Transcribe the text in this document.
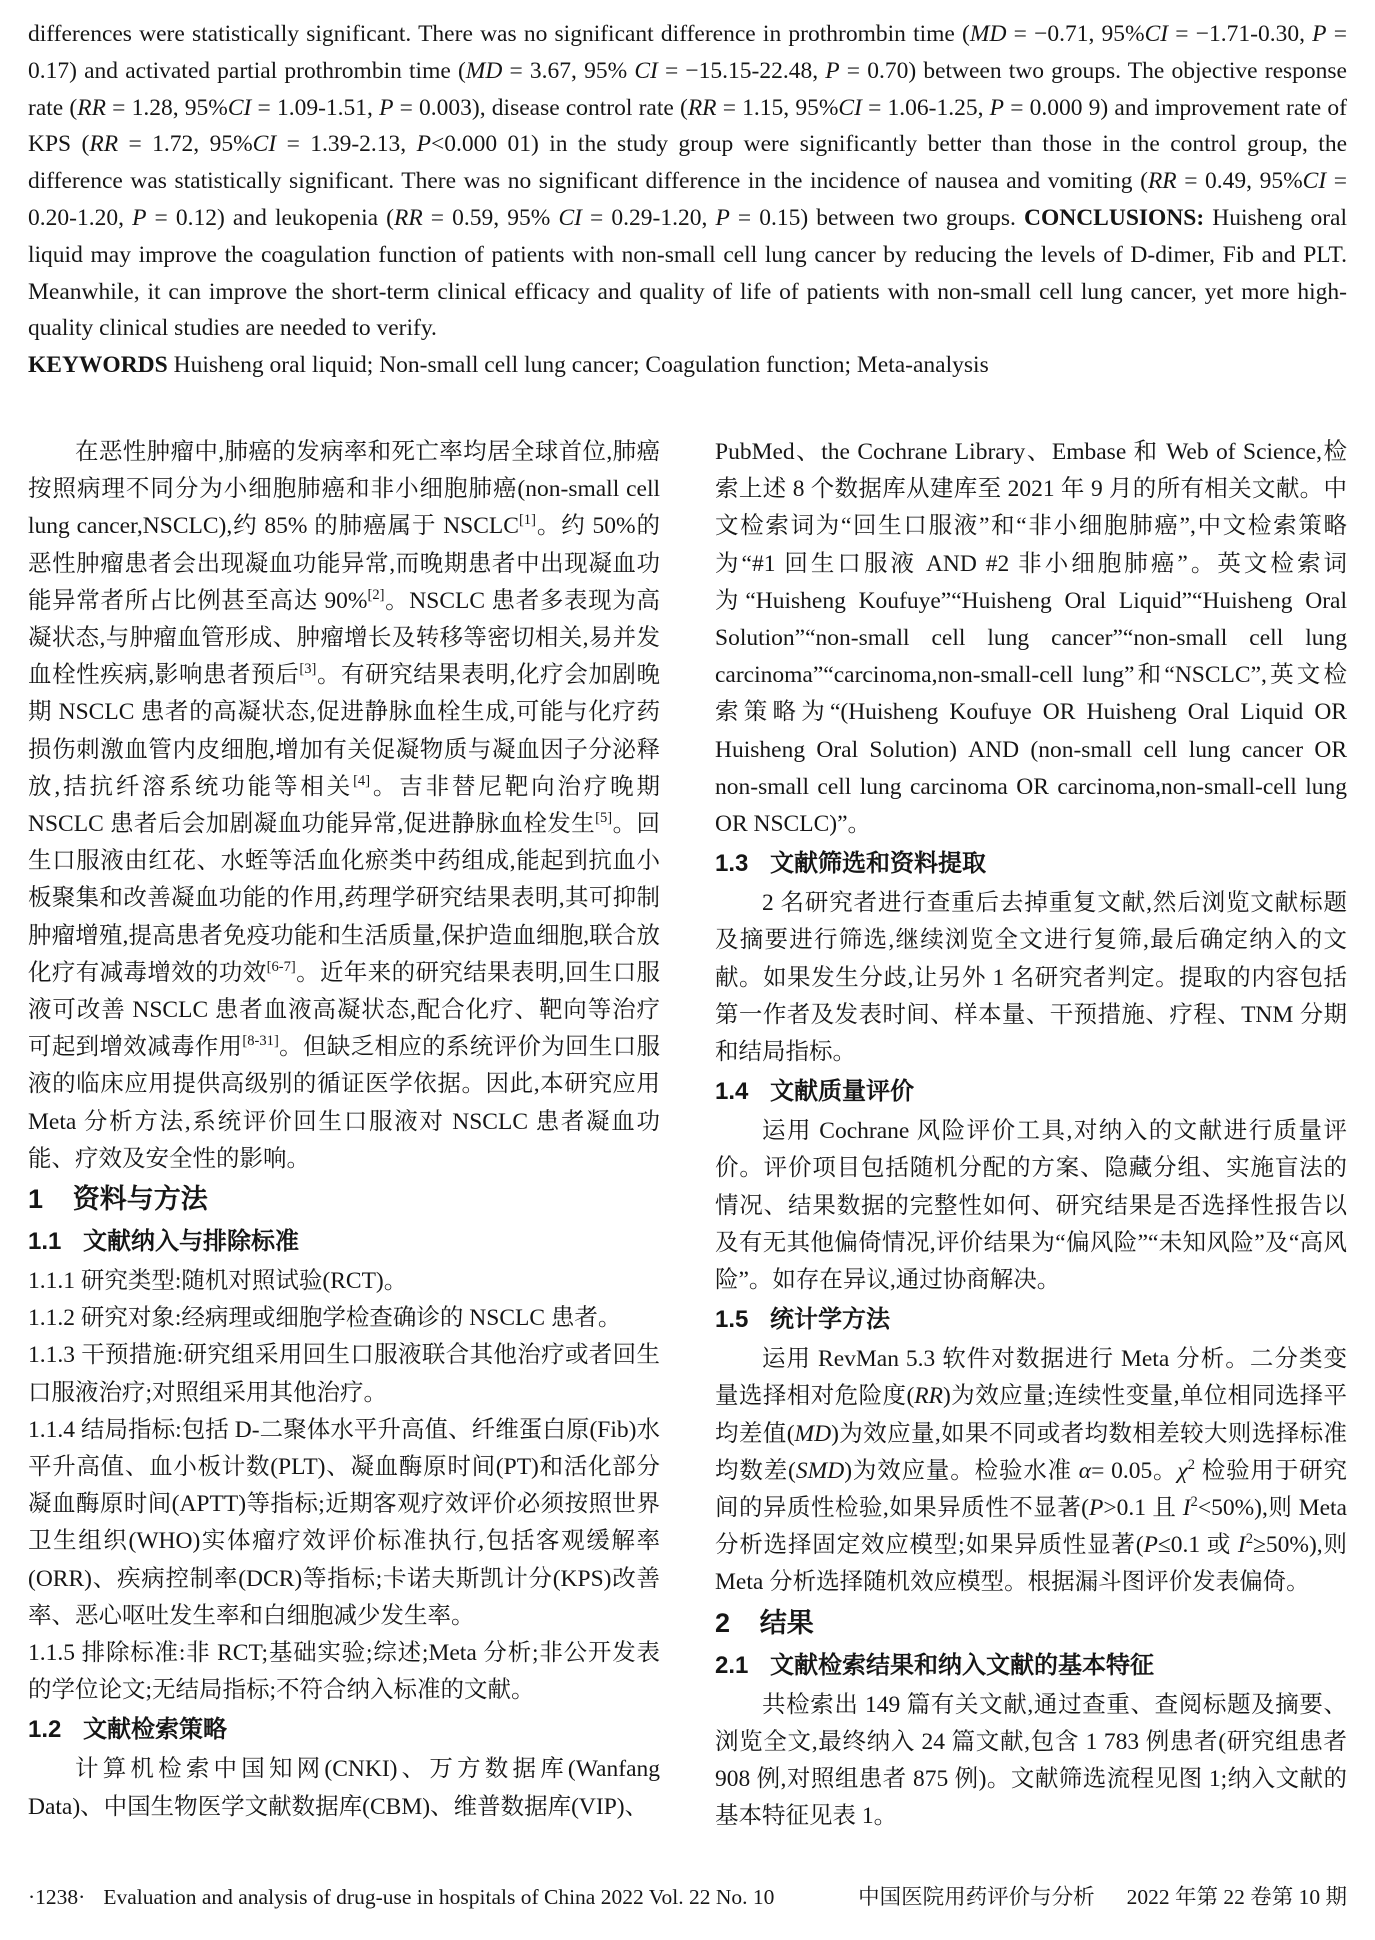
differences were statistically significant. There was no significant difference in prothrombin time (MD = −0.71, 95%CI = −1.71-0.30, P = 0.17) and activated partial prothrombin time (MD = 3.67, 95% CI = −15.15-22.48, P = 0.70) between two groups. The objective response rate (RR = 1.28, 95%CI = 1.09-1.51, P = 0.003), disease control rate (RR = 1.15, 95%CI = 1.06-1.25, P = 0.000 9) and improvement rate of KPS (RR = 1.72, 95%CI = 1.39-2.13, P<0.000 01) in the study group were significantly better than those in the control group, the difference was statistically significant. There was no significant difference in the incidence of nausea and vomiting (RR = 0.49, 95%CI = 0.20-1.20, P = 0.12) and leukopenia (RR = 0.59, 95% CI = 0.29-1.20, P = 0.15) between two groups. CONCLUSIONS: Huisheng oral liquid may improve the coagulation function of patients with non-small cell lung cancer by reducing the levels of D-dimer, Fib and PLT. Meanwhile, it can improve the short-term clinical efficacy and quality of life of patients with non-small cell lung cancer, yet more high-quality clinical studies are needed to verify.

KEYWORDS Huisheng oral liquid; Non-small cell lung cancer; Coagulation function; Meta-analysis

在恶性肿瘤中,肺癌的发病率和死亡率均居全球首位,肺癌按照病理不同分为小细胞肺癌和非小细胞肺癌(non-small cell lung cancer,NSCLC),约 85% 的肺癌属于 NSCLC[1]。约 50%的恶性肿瘤患者会出现凝血功能异常,而晚期患者中出现凝血功能异常者所占比例甚至高达 90%[2]。NSCLC 患者多表现为高凝状态,与肿瘤血管形成、肿瘤增长及转移等密切相关,易并发血栓性疾病,影响患者预后[3]。有研究结果表明,化疗会加剧晚期 NSCLC 患者的高凝状态,促进静脉血栓生成,可能与化疗药损伤刺激血管内皮细胞,增加有关促凝物质与凝血因子分泌释放,拮抗纤溶系统功能等相关[4]。吉非替尼靶向治疗晚期 NSCLC 患者后会加剧凝血功能异常,促进静脉血栓发生[5]。回生口服液由红花、水蛭等活血化瘀类中药组成,能起到抗血小板聚集和改善凝血功能的作用,药理学研究结果表明,其可抑制肿瘤增殖,提高患者免疫功能和生活质量,保护造血细胞,联合放化疗有减毒增效的功效[6-7]。近年来的研究结果表明,回生口服液可改善 NSCLC 患者血液高凝状态,配合化疗、靶向等治疗可起到增效减毒作用[8-31]。但缺乏相应的系统评价为回生口服液的临床应用提供高级别的循证医学依据。因此,本研究应用 Meta 分析方法,系统评价回生口服液对 NSCLC 患者凝血功能、疗效及安全性的影响。

1 资料与方法
1.1 文献纳入与排除标准

1.1.1 研究类型:随机对照试验(RCT)。

1.1.2 研究对象:经病理或细胞学检查确诊的 NSCLC 患者。

1.1.3 干预措施:研究组采用回生口服液联合其他治疗或者回生口服液治疗;对照组采用其他治疗。

1.1.4 结局指标:包括 D-二聚体水平升高值、纤维蛋白原(Fib)水平升高值、血小板计数(PLT)、凝血酶原时间(PT)和活化部分凝血酶原时间(APTT)等指标;近期客观疗效评价必须按照世界卫生组织(WHO)实体瘤疗效评价标准执行,包括客观缓解率(ORR)、疾病控制率(DCR)等指标;卡诺夫斯凯计分(KPS)改善率、恶心呕吐发生率和白细胞减少发生率。

1.1.5 排除标准:非 RCT;基础实验;综述;Meta 分析;非公开发表的学位论文;无结局指标;不符合纳入标准的文献。

1.2 文献检索策略

计算机检索中国知网(CNKI)、万方数据库(Wanfang Data)、中国生物医学文献数据库(CBM)、维普数据库(VIP)、

PubMed、the Cochrane Library、Embase 和 Web of Science,检索上述 8 个数据库从建库至 2021 年 9 月的所有相关文献。中文检索词为“回生口服液”和“非小细胞肺癌”,中文检索策略为“#1 回生口服液 AND #2 非小细胞肺癌”。英文检索词为“Huisheng Koufuye”“Huisheng Oral Liquid”“Huisheng Oral Solution”“non-small cell lung cancer”“non-small cell lung carcinoma”“carcinoma,non-small-cell lung”和“NSCLC”,英文检索策略为“(Huisheng Koufuye OR Huisheng Oral Liquid OR Huisheng Oral Solution) AND (non-small cell lung cancer OR non-small cell lung carcinoma OR carcinoma,non-small-cell lung OR NSCLC)”。

1.3 文献筛选和资料提取

2 名研究者进行查重后去掉重复文献,然后浏览文献标题及摘要进行筛选,继续浏览全文进行复筛,最后确定纳入的文献。如果发生分歧,让另外 1 名研究者判定。提取的内容包括第一作者及发表时间、样本量、干预措施、疗程、TNM 分期和结局指标。

1.4 文献质量评价

运用 Cochrane 风险评价工具,对纳入的文献进行质量评价。评价项目包括随机分配的方案、隐藏分组、实施盲法的情况、结果数据的完整性如何、研究结果是否选择性报告以及有无其他偏倚情况,评价结果为“偏风险”“未知风险”及“高风险”。如存在异议,通过协商解决。

1.5 统计学方法

运用 RevMan 5.3 软件对数据进行 Meta 分析。二分类变量选择相对危险度(RR)为效应量;连续性变量,单位相同选择平均差值(MD)为效应量,如果不同或者均数相差较大则选择标准均数差(SMD)为效应量。检验水准 α= 0.05。$\chi^2$ 检验用于研究间的异质性检验,如果异质性不显著(P>0.1 且 $I^2<50\%$),则 Meta 分析选择固定效应模型;如果异质性显著(P≤0.1 或 $I^2\ge 50\%$),则 Meta 分析选择随机效应模型。根据漏斗图评价发表偏倚。

2 结果
2.1 文献检索结果和纳入文献的基本特征

共检索出 149 篇有关文献,通过查重、查阅标题及摘要、浏览全文,最终纳入 24 篇文献,包含 1 783 例患者(研究组患者 908 例,对照组患者 875 例)。文献筛选流程见图 1;纳入文献的基本特征见表 1。

·1238· Evaluation and analysis of drug-use in hospitals of China 2022 Vol. 22 No. 10	中国医院用药评价与分析 2022 年第 22 卷第 10 期
